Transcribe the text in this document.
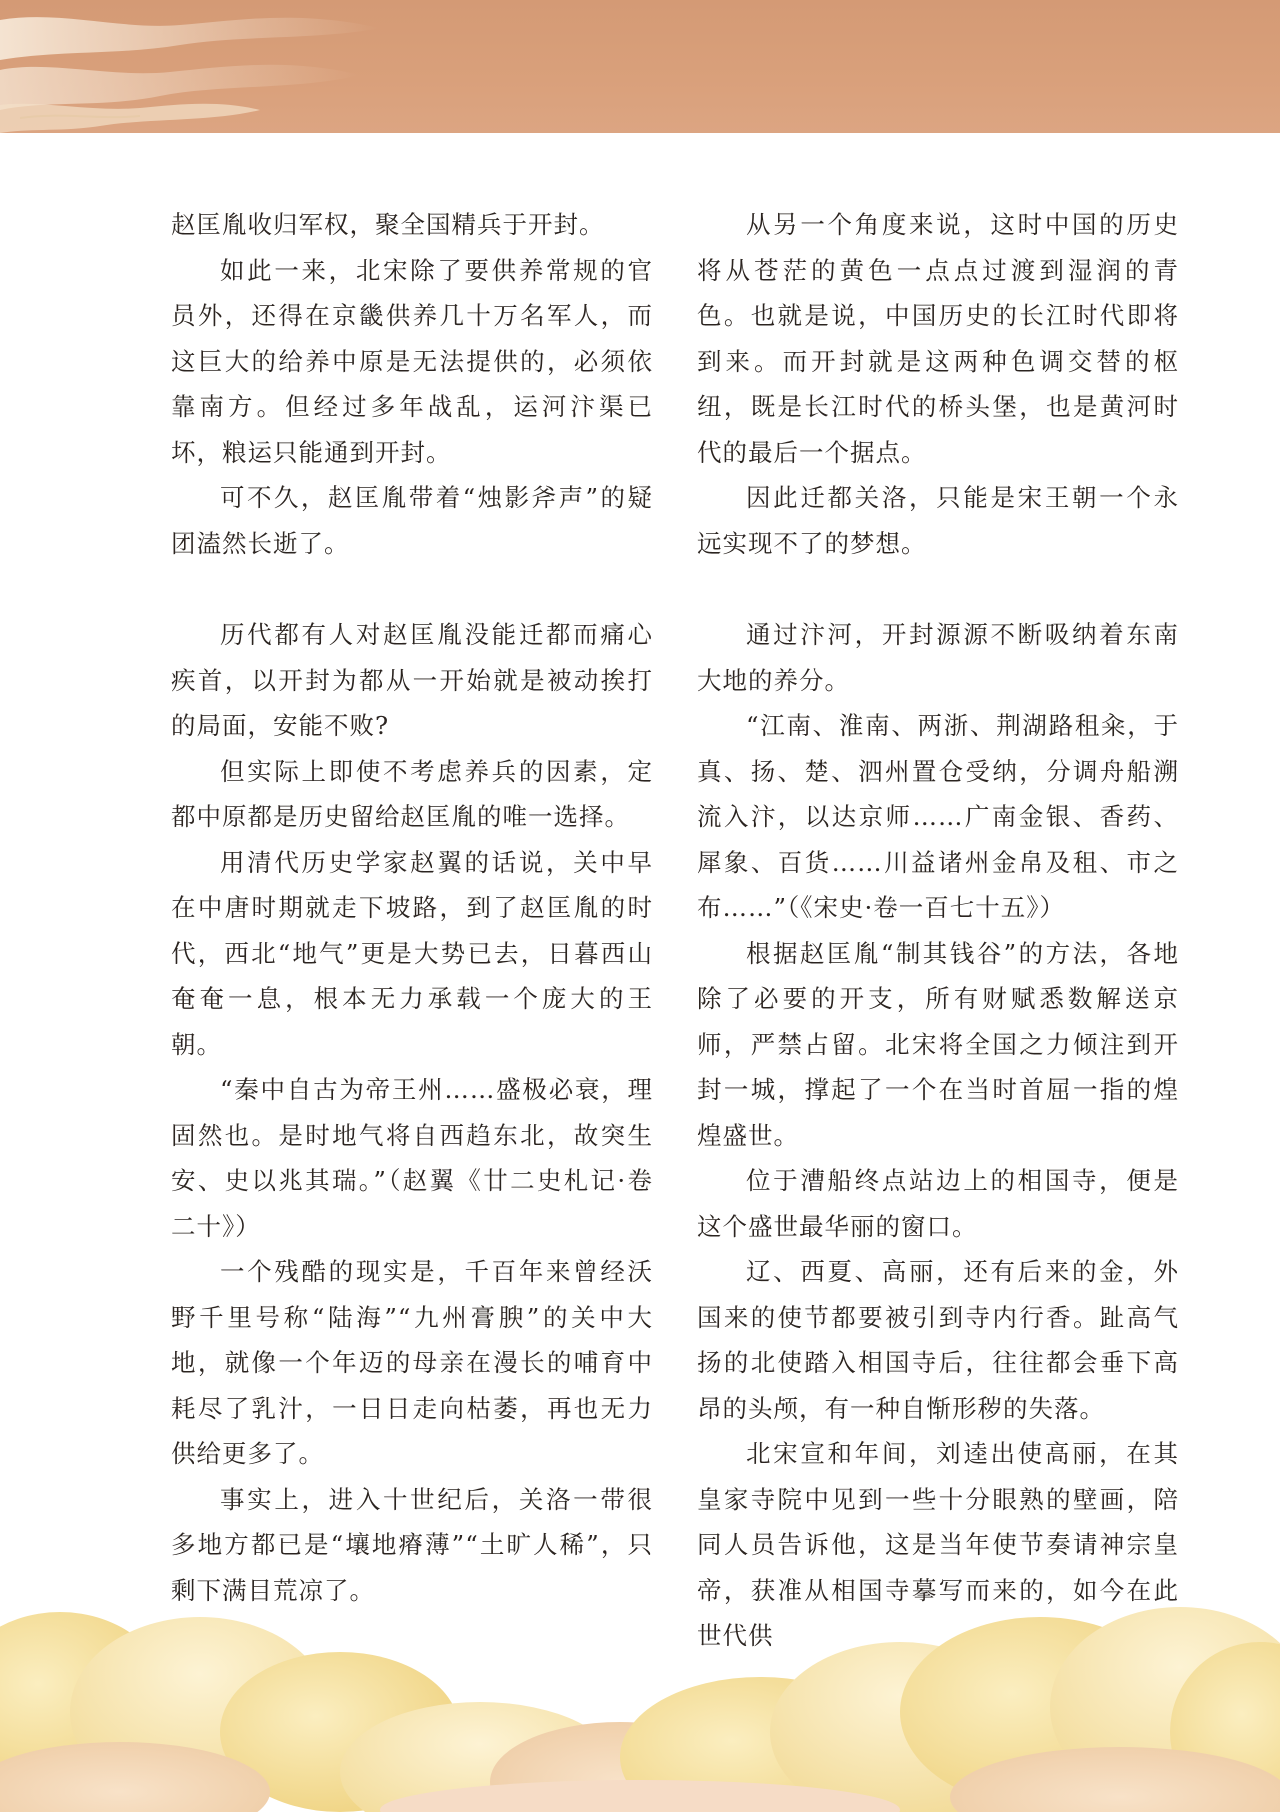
赵匡胤收归军权，聚全国精兵于开封。

如此一来，北宋除了要供养常规的官员外，还得在京畿供养几十万名军人，而这巨大的给养中原是无法提供的，必须依靠南方。但经过多年战乱，运河汴渠已坏，粮运只能通到开封。

可不久，赵匡胤带着“烛影斧声”的疑团溘然长逝了。

历代都有人对赵匡胤没能迁都而痛心疾首，以开封为都从一开始就是被动挨打的局面，安能不败?

但实际上即使不考虑养兵的因素，定都中原都是历史留给赵匡胤的唯一选择。

用清代历史学家赵翼的话说，关中早在中唐时期就走下坡路，到了赵匡胤的时代，西北“地气”更是大势已去，日暮西山奄奄一息，根本无力承载一个庞大的王朝。

“秦中自古为帝王州……盛极必衰，理固然也。是时地气将自西趋东北，故突生安、史以兆其瑞。”（赵翼《廿二史札记·卷二十》）

一个残酷的现实是，千百年来曾经沃野千里号称“陆海”“九州膏腴”的关中大地，就像一个年迈的母亲在漫长的哺育中耗尽了乳汁，一日日走向枯萎，再也无力供给更多了。

事实上，进入十世纪后，关洛一带很多地方都已是“壤地瘠薄”“土旷人稀”，只剩下满目荒凉了。

从另一个角度来说，这时中国的历史将从苍茫的黄色一点点过渡到湿润的青色。也就是说，中国历史的长江时代即将到来。而开封就是这两种色调交替的枢纽，既是长江时代的桥头堡，也是黄河时代的最后一个据点。

因此迁都关洛，只能是宋王朝一个永远实现不了的梦想。

通过汴河，开封源源不断吸纳着东南大地的养分。

“江南、淮南、两浙、荆湖路租籴，于真、扬、楚、泗州置仓受纳，分调舟船溯流入汴，以达京师……广南金银、香药、犀象、百货……川益诸州金帛及租、市之布……”（《宋史·卷一百七十五》）

根据赵匡胤“制其钱谷”的方法，各地除了必要的开支，所有财赋悉数解送京师，严禁占留。北宋将全国之力倾注到开封一城，撑起了一个在当时首屈一指的煌煌盛世。

位于漕船终点站边上的相国寺，便是这个盛世最华丽的窗口。

辽、西夏、高丽，还有后来的金，外国来的使节都要被引到寺内行香。趾高气扬的北使踏入相国寺后，往往都会垂下高昂的头颅，有一种自惭形秽的失落。

北宋宣和年间，刘逵出使高丽，在其皇家寺院中见到一些十分眼熟的壁画，陪同人员告诉他，这是当年使节奏请神宗皇帝，获准从相国寺摹写而来的，如今在此世代供
